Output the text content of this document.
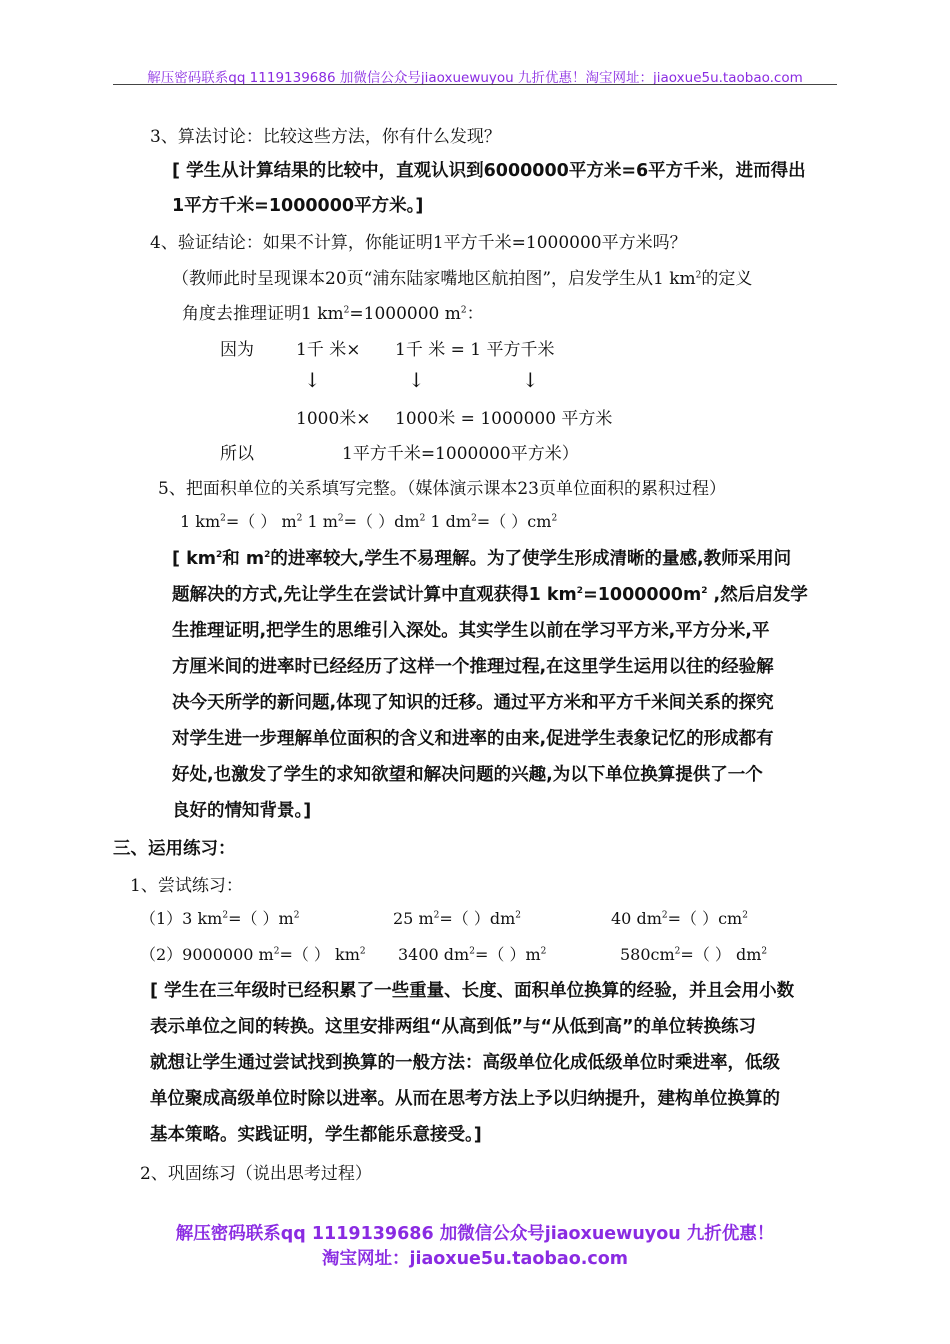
解压密码联系qq 1119139686 加微信公众号jiaoxuewuyou 九折优惠！淘宝网址：jiaoxue5u.taobao.com
3、算法讨论：比较这些方法，你有什么发现？
[ 学生从计算结果的比较中，直观认识到6000000平方米=6平方千米，进而得出
1平方千米=1000000平方米。]
4、验证结论：如果不计算，你能证明1平方千米=1000000平方米吗？
（教师此时呈现课本20页“浦东陆家嘴地区航拍图”，启发学生从1 $km^2$的定义
角度去推理证明1 $km^2=1000000$ $m^2$：
因为 1千 米× 1千 米 = 1 平方千米
↓	↓	↓
1000米× 1000米 = 1000000 平方米
所以	1平方千米=1000000平方米）
5、把面积单位的关系填写完整。（媒体演示课本23页单位面积的累积过程）
1 $km^2=$（ ） $m^2$ 1 $m^2=$（ ）$dm^2$ 1 $dm^2=$（ ）$cm^2$
[ $km^2$和 $m^2$的进率较大,学生不易理解。为了使学生形成清晰的量感,教师采用问
题解决的方式,先让学生在尝试计算中直观获得1 $km^2=1000000m^2$ ,然后启发学
生推理证明,把学生的思维引入深处。其实学生以前在学习平方米,平方分米,平
方厘米间的进率时已经经历了这样一个推理过程,在这里学生运用以往的经验解
决今天所学的新问题,体现了知识的迁移。通过平方米和平方千米间关系的探究
对学生进一步理解单位面积的含义和进率的由来,促进学生表象记忆的形成都有
好处,也激发了学生的求知欲望和解决问题的兴趣,为以下单位换算提供了一个
良好的情知背景。]
三、运用练习：
1、尝试练习：
（1）3 $km^2=$（ ）$m^2$	25 $m^2=$（ ）$dm^2$	40 $dm^2=$（ ）$cm^2$
（2）9000000 $m^2=$（ ） $km^2$ 3400 $dm^2=$（ ）$m^2$	$580cm^2=$（ ） $dm^2$
[ 学生在三年级时已经积累了一些重量、长度、面积单位换算的经验，并且会用小数
表示单位之间的转换。这里安排两组“从高到低”与“从低到高”的单位转换练习
就想让学生通过尝试找到换算的一般方法：高级单位化成低级单位时乘进率，低级
单位聚成高级单位时除以进率。从而在思考方法上予以归纳提升，建构单位换算的
基本策略。实践证明，学生都能乐意接受。]
2、巩固练习（说出思考过程）
解压密码联系qq 1119139686 加微信公众号jiaoxuewuyou 九折优惠！
淘宝网址：jiaoxue5u.taobao.com
